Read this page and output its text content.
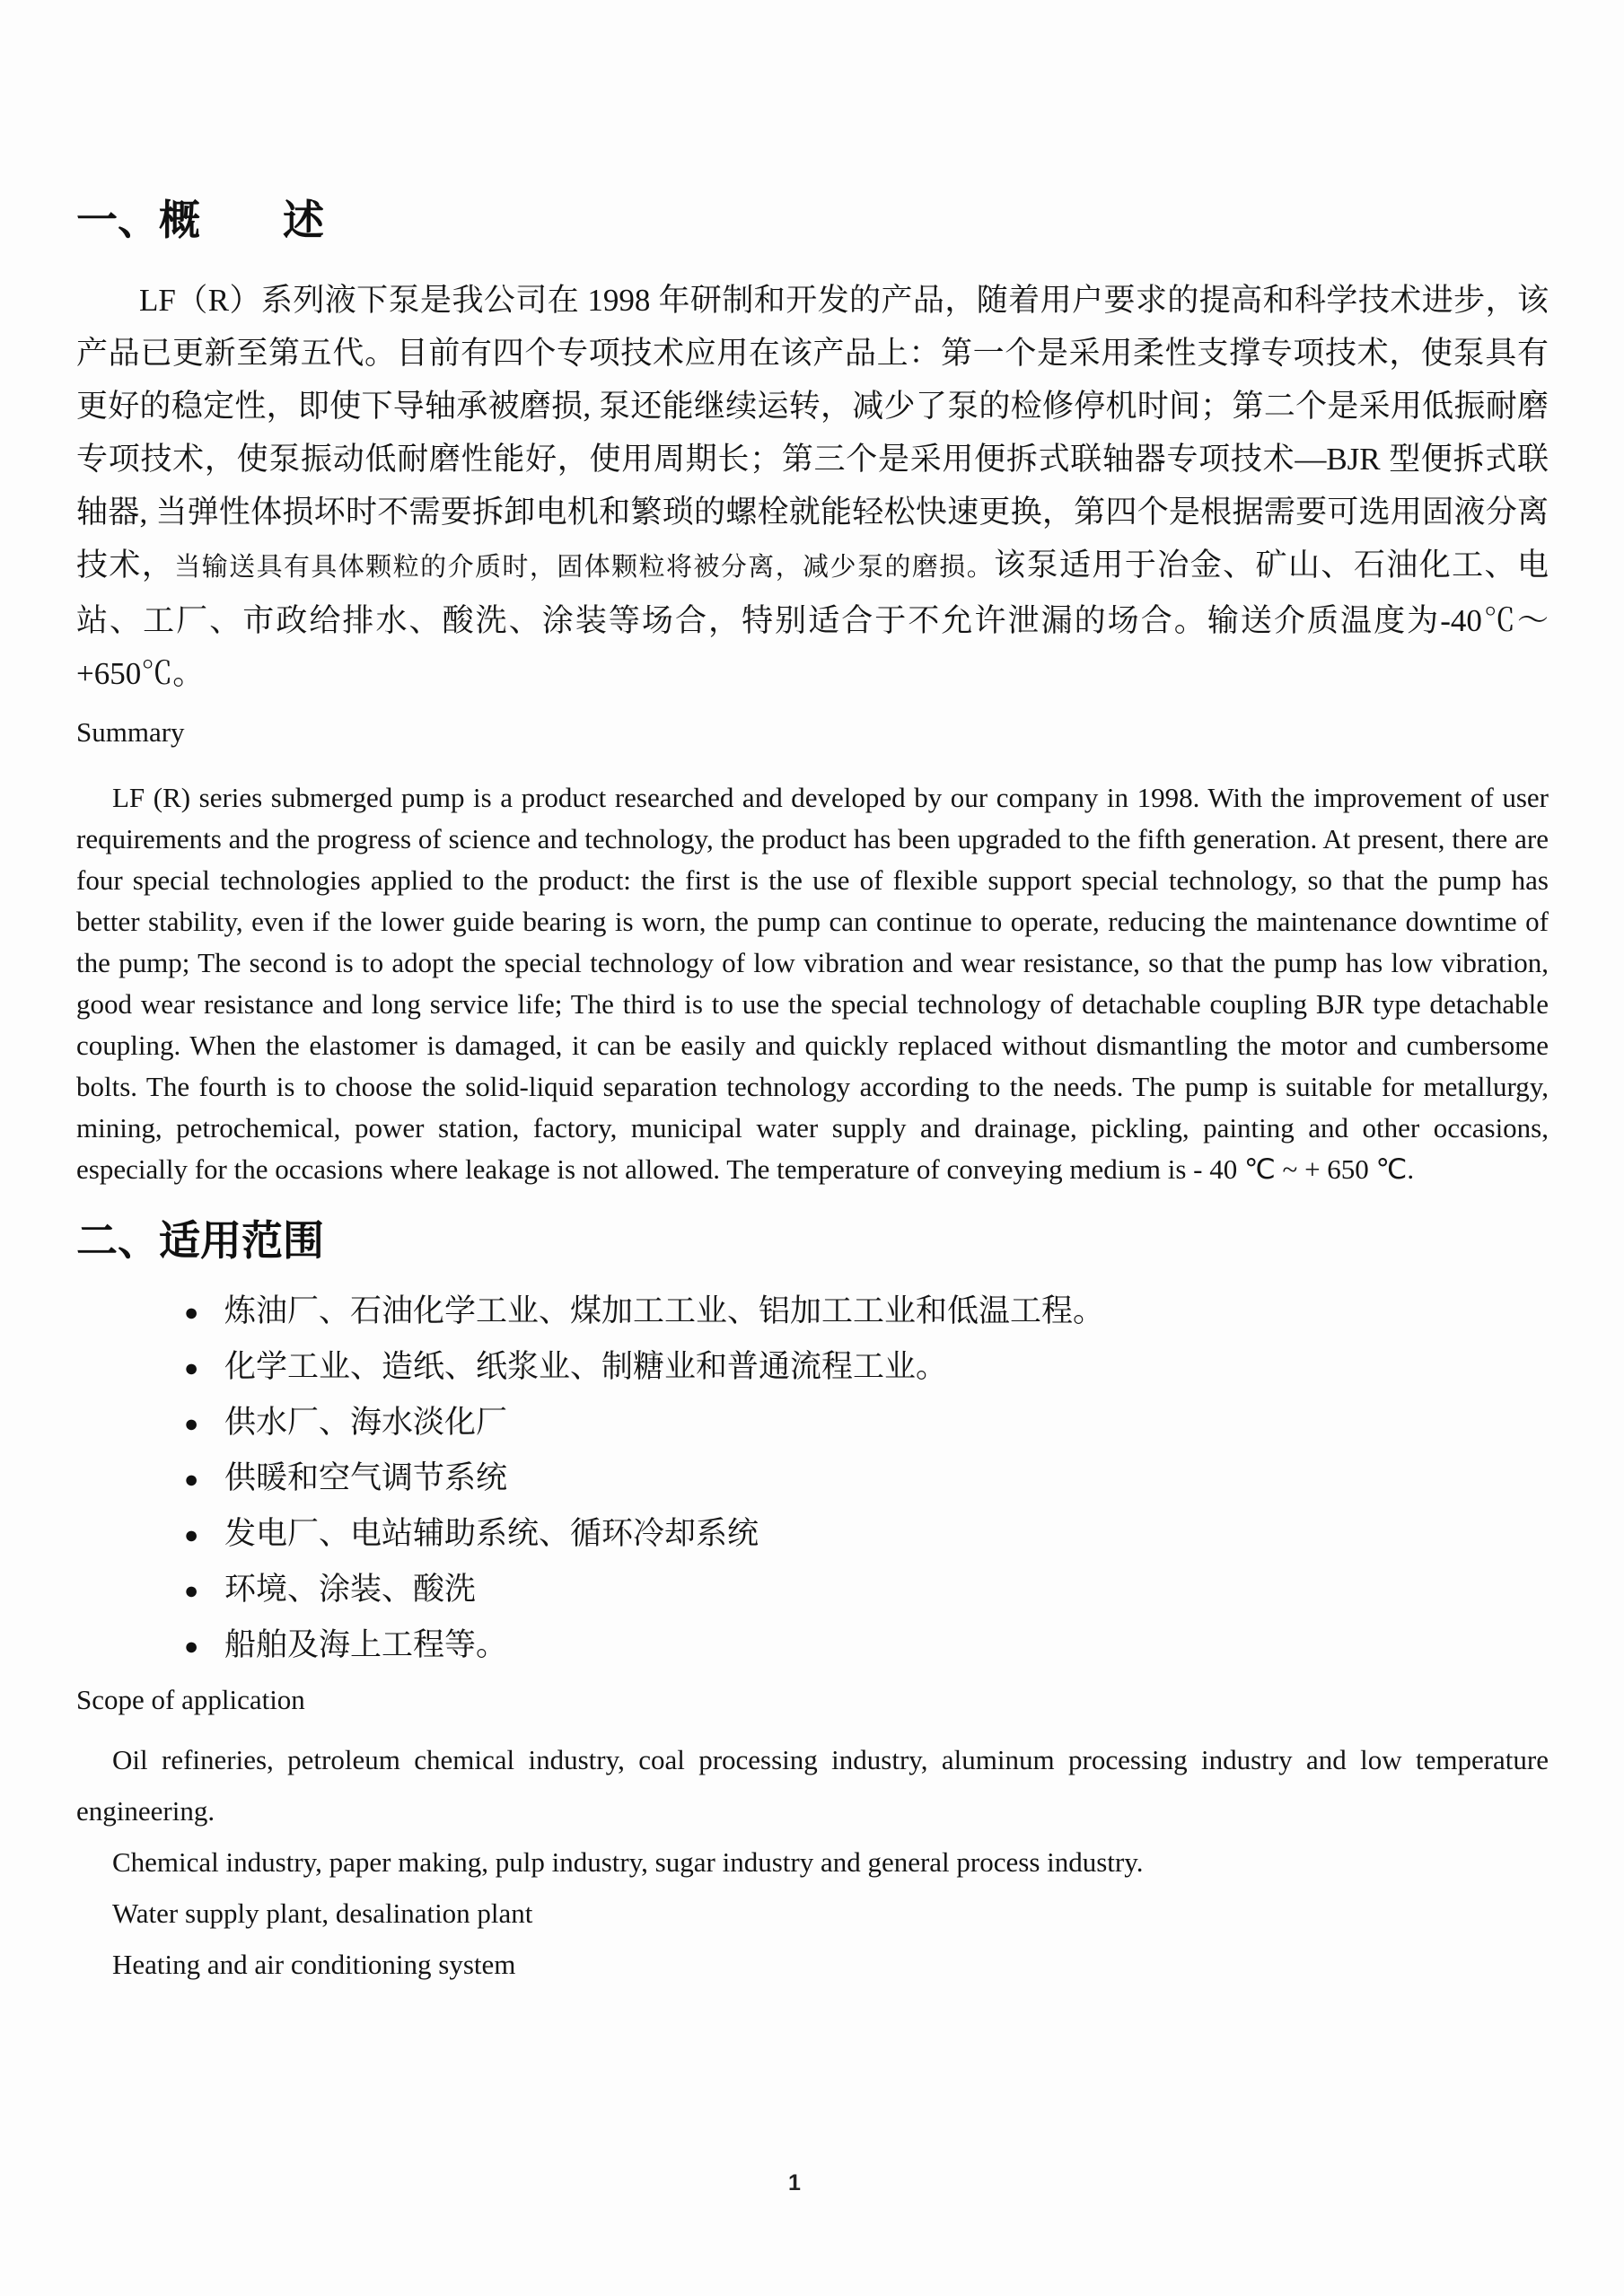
一、概　　述

LF（R）系列液下泵是我公司在 1998 年研制和开发的产品，随着用户要求的提高和科学技术进步，该产品已更新至第五代。目前有四个专项技术应用在该产品上：第一个是采用柔性支撑专项技术，使泵具有更好的稳定性，即使下导轴承被磨损, 泵还能继续运转，减少了泵的检修停机时间；第二个是采用低振耐磨专项技术，使泵振动低耐磨性能好，使用周期长；第三个是采用便拆式联轴器专项技术—BJR 型便拆式联轴器, 当弹性体损坏时不需要拆卸电机和繁琐的螺栓就能轻松快速更换，第四个是根据需要可选用固液分离技术，当输送具有具体颗粒的介质时，固体颗粒将被分离，减少泵的磨损。该泵适用于冶金、矿山、石油化工、电站、工厂、市政给排水、酸洗、涂装等场合，特别适合于不允许泄漏的场合。输送介质温度为-40℃～+650℃。

Summary

LF (R) series submerged pump is a product researched and developed by our company in 1998. With the improvement of user requirements and the progress of science and technology, the product has been upgraded to the fifth generation. At present, there are four special technologies applied to the product: the first is the use of flexible support special technology, so that the pump has better stability, even if the lower guide bearing is worn, the pump can continue to operate, reducing the maintenance downtime of the pump; The second is to adopt the special technology of low vibration and wear resistance, so that the pump has low vibration, good wear resistance and long service life; The third is to use the special technology of detachable coupling BJR type detachable coupling. When the elastomer is damaged, it can be easily and quickly replaced without dismantling the motor and cumbersome bolts. The fourth is to choose the solid-liquid separation technology according to the needs. The pump is suitable for metallurgy, mining, petrochemical, power station, factory, municipal water supply and drainage, pickling, painting and other occasions, especially for the occasions where leakage is not allowed. The temperature of conveying medium is - 40 ℃ ~ + 650 ℃.

二、适用范围
● 炼油厂、石油化学工业、煤加工工业、铝加工工业和低温工程。
● 化学工业、造纸、纸浆业、制糖业和普通流程工业。
● 供水厂、海水淡化厂
● 供暖和空气调节系统
● 发电厂、电站辅助系统、循环冷却系统
● 环境、涂装、酸洗
● 船舶及海上工程等。

Scope of application

Oil refineries, petroleum chemical industry, coal processing industry, aluminum processing industry and low temperature engineering.

Chemical industry, paper making, pulp industry, sugar industry and general process industry.

Water supply plant, desalination plant

Heating and air conditioning system

1
